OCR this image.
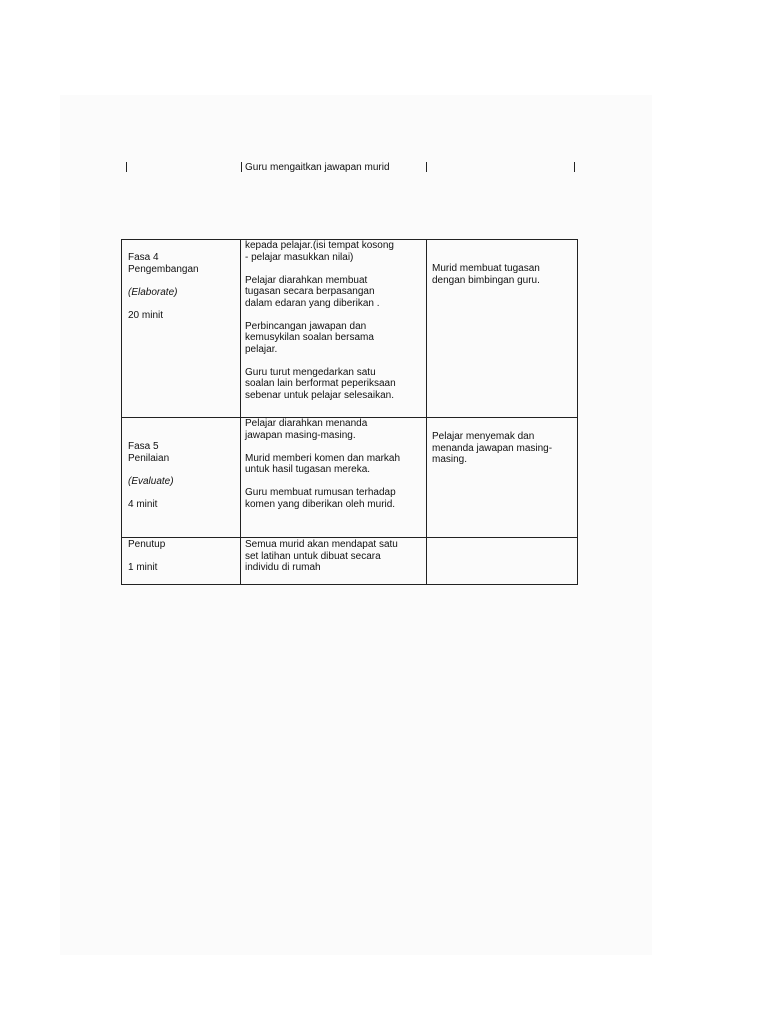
Guru mengaitkan jawapan murid

Fasa 4

Pengembangan

(Elaborate)

20 minit

kepada pelajar.(isi tempat kosong

- pelajar masukkan nilai)

Pelajar diarahkan membuat

tugasan secara berpasangan

dalam edaran yang diberikan .

Perbincangan jawapan dan

kemusykilan soalan bersama

pelajar.

Guru turut mengedarkan satu

soalan lain berformat peperiksaan

sebenar untuk pelajar selesaikan.

Murid membuat tugasan

dengan bimbingan guru.

Fasa 5

Penilaian

(Evaluate)

4 minit

Pelajar diarahkan menanda

jawapan masing-masing.

Murid memberi komen dan markah

untuk hasil tugasan mereka.

Guru membuat rumusan terhadap

komen yang diberikan oleh murid.

Pelajar menyemak dan

menanda jawapan masing-

masing.

Penutup

1 minit

Semua murid akan mendapat satu

set latihan untuk dibuat secara

individu di rumah
